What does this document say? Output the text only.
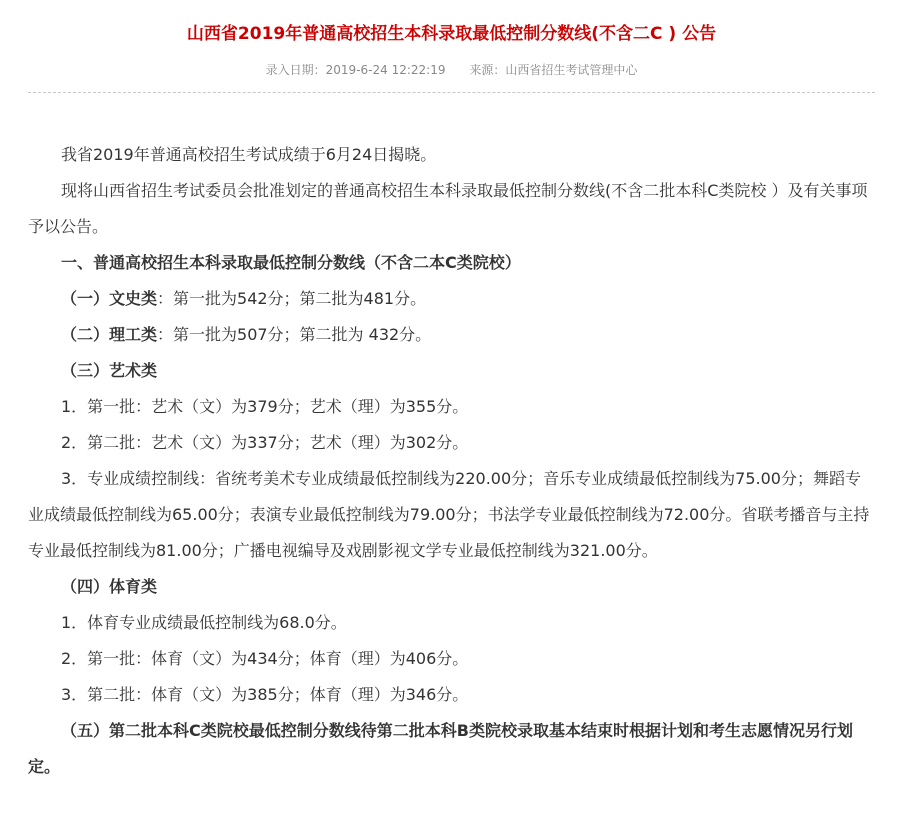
山西省2019年普通高校招生本科录取最低控制分数线(不含二C ) 公告
录入日期：2019-6-24 12:22:19 来源：山西省招生考试管理中心

我省2019年普通高校招生考试成绩于6月24日揭晓。

现将山西省招生考试委员会批准划定的普通高校招生本科录取最低控制分数线(不含二批本科C类院校 ）及有关事项予以公告。

一、普通高校招生本科录取最低控制分数线（不含二本C类院校）

（一）文史类：第一批为542分；第二批为481分。

（二）理工类：第一批为507分；第二批为 432分。

（三）艺术类

1．第一批：艺术（文）为379分；艺术（理）为355分。

2．第二批：艺术（文）为337分；艺术（理）为302分。

3．专业成绩控制线：省统考美术专业成绩最低控制线为220.00分；音乐专业成绩最低控制线为75.00分；舞蹈专业成绩最低控制线为65.00分；表演专业最低控制线为79.00分；书法学专业最低控制线为72.00分。省联考播音与主持专业最低控制线为81.00分；广播电视编导及戏剧影视文学专业最低控制线为321.00分。

（四）体育类

1．体育专业成绩最低控制线为68.0分。

2．第一批：体育（文）为434分；体育（理）为406分。

3．第二批：体育（文）为385分；体育（理）为346分。

（五）第二批本科C类院校最低控制分数线待第二批本科B类院校录取基本结束时根据计划和考生志愿情况另行划定。
